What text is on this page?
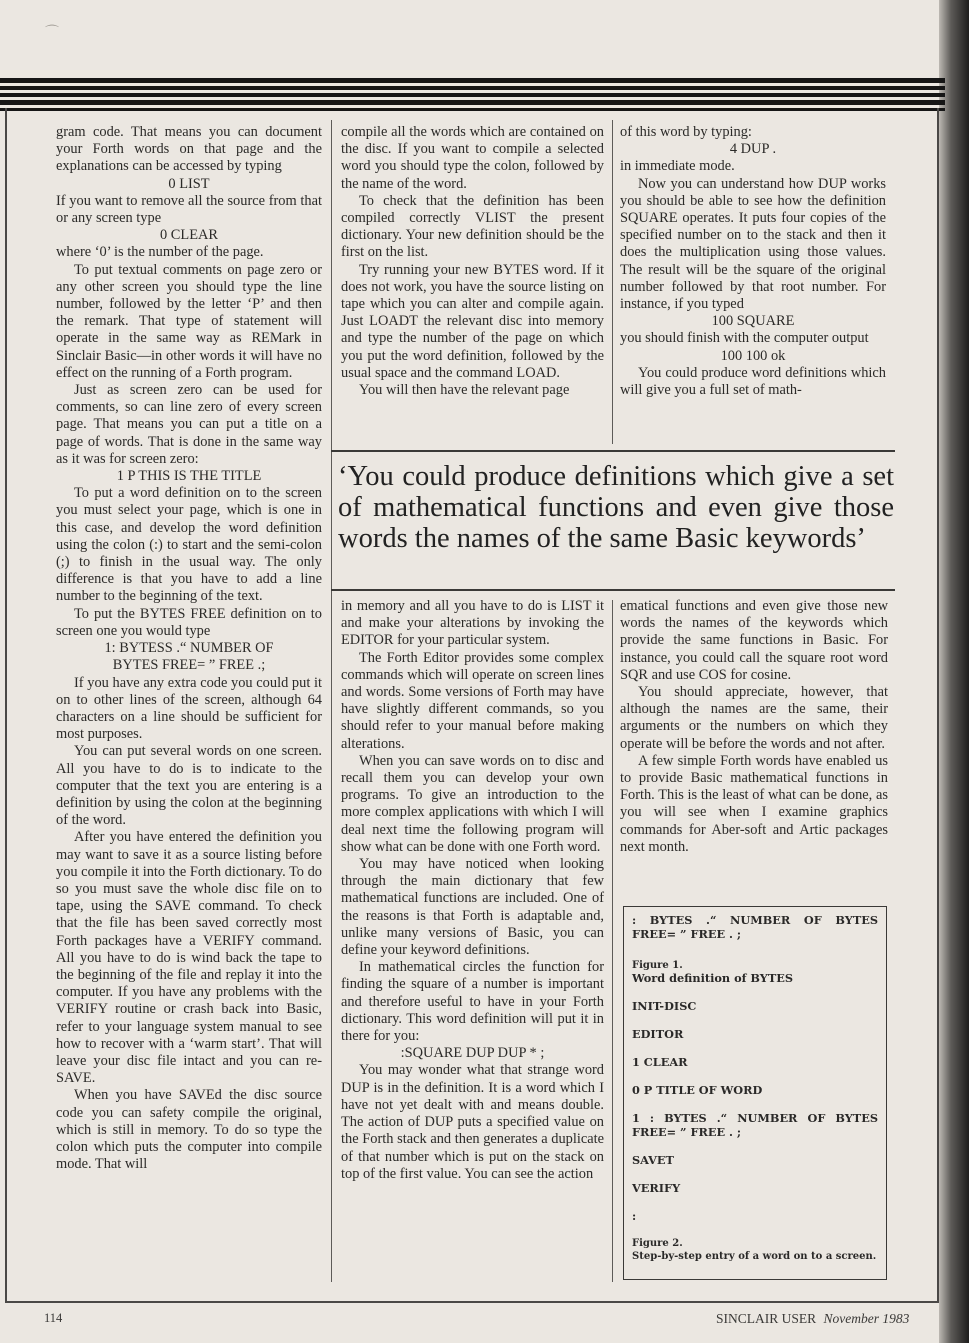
⌒

gram code. That means you can document your Forth words on that page and the explanations can be accessed by typing

0 LIST

If you want to remove all the source from that or any screen type

0 CLEAR

where ‘0’ is the number of the page.

To put textual comments on page zero or any other screen you should type the line number, followed by the letter ‘P’ and then the remark. That type of statement will operate in the same way as REMark in Sinclair Basic—in other words it will have no effect on the running of a Forth program.

Just as screen zero can be used for comments, so can line zero of every screen page. That means you can put a title on a page of words. That is done in the same way as it was for screen zero:

1 P THIS IS THE TITLE

To put a word definition on to the screen you must select your page, which is one in this case, and develop the word definition using the colon (:) to start and the semi-colon (;) to finish in the usual way. The only difference is that you have to add a line number to the beginning of the text.

To put the BYTES FREE definition on to screen one you would type

1: BYTESS .“ NUMBER OF
BYTES FREE= ” FREE .;

If you have any extra code you could put it on to other lines of the screen, although 64 characters on a line should be sufficient for most purposes.

You can put several words on one screen. All you have to do is to indicate to the computer that the text you are entering is a definition by using the colon at the beginning of the word.

After you have entered the definition you may want to save it as a source listing before you compile it into the Forth dictionary. To do so you must save the whole disc file on to tape, using the SAVE command. To check that the file has been saved correctly most Forth packages have a VERIFY command. All you have to do is wind back the tape to the beginning of the file and replay it into the computer. If you have any problems with the VERIFY routine or crash back into Basic, refer to your language system manual to see how to recover with a ‘warm start’. That will leave your disc file intact and you can re-SAVE.

When you have SAVEd the disc source code you can safety compile the original, which is still in memory. To do so type the colon which puts the computer into compile mode. That will

compile all the words which are contained on the disc. If you want to compile a selected word you should type the colon, followed by the name of the word.

To check that the definition has been compiled correctly VLIST the present dictionary. Your new definition should be the first on the list.

Try running your new BYTES word. If it does not work, you have the source listing on tape which you can alter and compile again. Just LOADT the relevant disc into memory and type the number of the page on which you put the word definition, followed by the usual space and the command LOAD.

You will then have the relevant page

of this word by typing:

4 DUP .

in immediate mode.

Now you can understand how DUP works you should be able to see how the definition SQUARE operates. It puts four copies of the specified number on to the stack and then it does the multiplication using those values. The result will be the square of the original number followed by that root number. For instance, if you typed

100 SQUARE

you should finish with the computer output

100 100 ok

You could produce word definitions which will give you a full set of math-

‘You could produce definitions which give a set of mathematical functions and even give those words the names of the same Basic keywords’

in memory and all you have to do is LIST it and make your alterations by invoking the EDITOR for your particular system.

The Forth Editor provides some complex commands which will operate on screen lines and words. Some versions of Forth may have have slightly different commands, so you should refer to your manual before making alterations.

When you can save words on to disc and recall them you can develop your own programs. To give an introduction to the more complex applications with which I will deal next time the following program will show what can be done with one Forth word.

You may have noticed when looking through the main dictionary that few mathematical functions are included. One of the reasons is that Forth is adaptable and, unlike many versions of Basic, you can define your keyword definitions.

In mathematical circles the function for finding the square of a number is important and therefore useful to have in your Forth dictionary. This word definition will put it in there for you:

:SQUARE DUP DUP * ;

You may wonder what that strange word DUP is in the definition. It is a word which I have not yet dealt with and means double. The action of DUP puts a specified value on the Forth stack and then generates a duplicate of that number which is put on the stack on top of the first value. You can see the action

ematical functions and even give those new words the names of the keywords which provide the same functions in Basic. For instance, you could call the square root word SQR and use COS for cosine.

You should appreciate, however, that although the names are the same, their arguments or the numbers on which they operate will be before the words and not after.

A few simple Forth words have enabled us to provide Basic mathematical functions in Forth. This is the least of what can be done, as you will see when I examine graphics commands for Aber-soft and Artic packages next month.

: BYTES .“ NUMBER OF BYTES

FREE= ” FREE . ;

Figure 1.

Word definition of BYTES

INIT-DISC

EDITOR

1 CLEAR

0 P TITLE OF WORD

1 : BYTES .“ NUMBER OF BYTES

FREE= ” FREE . ;

SAVET

VERIFY

:

Figure 2.

Step-by-step entry of a word on to a screen.

114	SINCLAIR USER November 1983
